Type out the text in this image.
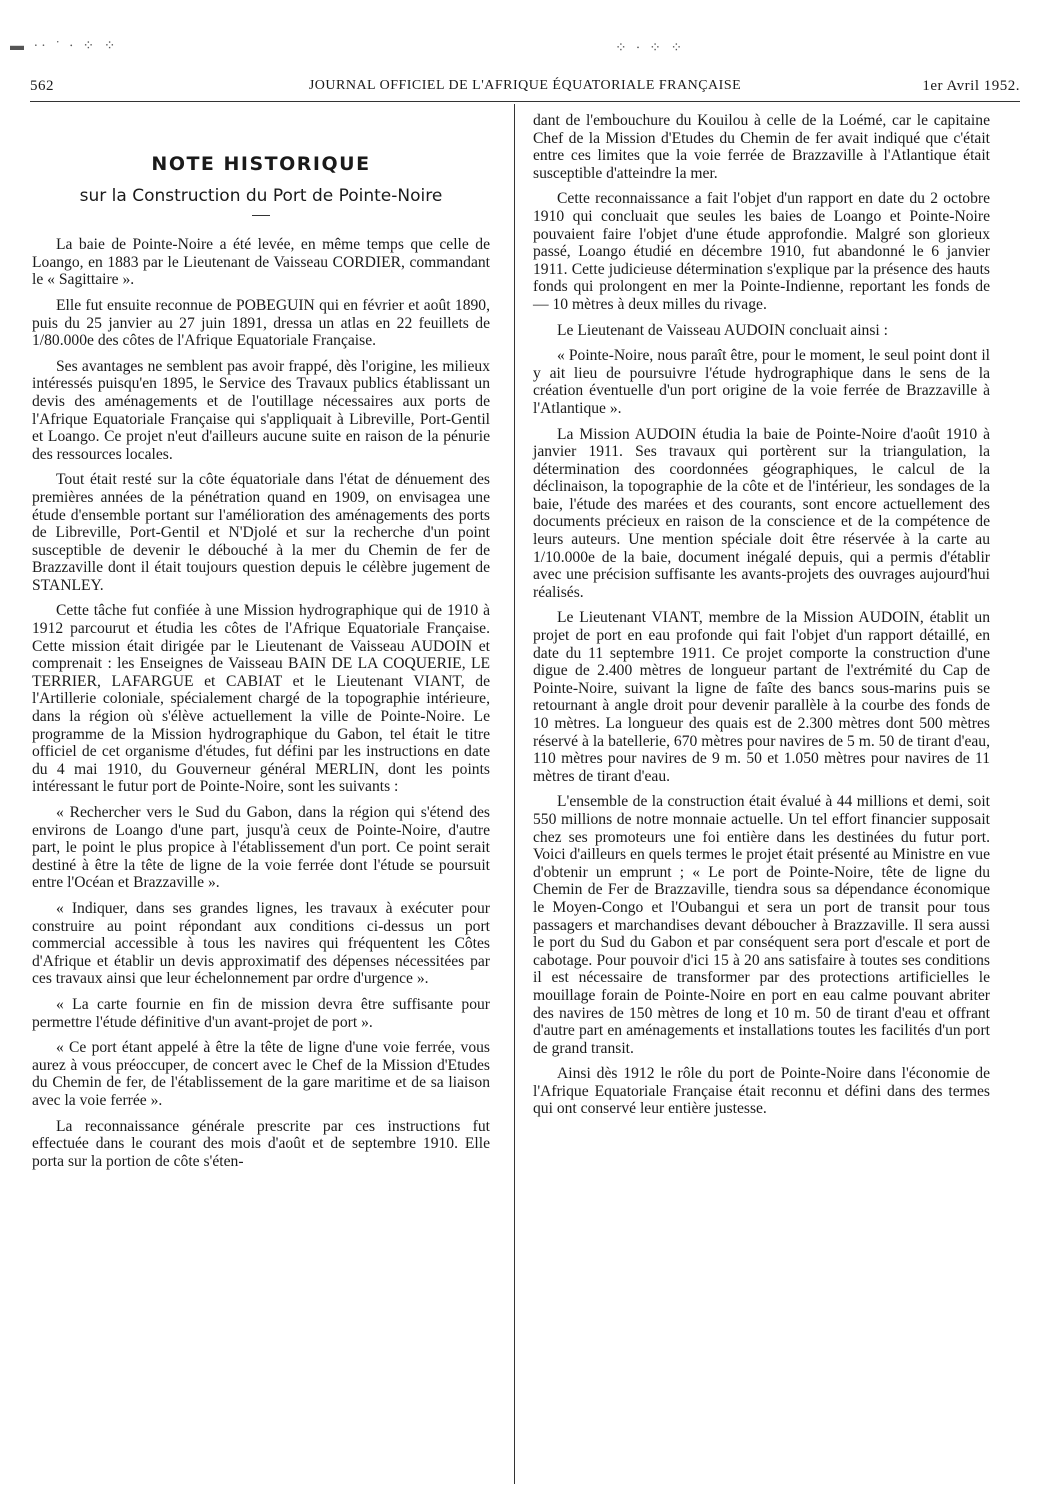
▬ ·· ˙ ∙ ⁘ ⁘	⁘ ∙ ⁘ ⁘
562	JOURNAL OFFICIEL DE L'AFRIQUE ÉQUATORIALE FRANÇAISE	1er Avril 1952.
NOTE HISTORIQUE
sur la Construction du Port de Pointe-Noire

La baie de Pointe-Noire a été levée, en même temps que celle de Loango, en 1883 par le Lieutenant de Vaisseau CORDIER, commandant le « Sagittaire ».

Elle fut ensuite reconnue de POBEGUIN qui en février et août 1890, puis du 25 janvier au 27 juin 1891, dressa un atlas en 22 feuillets de 1/80.000e des côtes de l'Afrique Equatoriale Française.

Ses avantages ne semblent pas avoir frappé, dès l'origine, les milieux intéressés puisqu'en 1895, le Service des Travaux publics établissant un devis des aménagements et de l'outillage nécessaires aux ports de l'Afrique Equatoriale Française qui s'appliquait à Libreville, Port-Gentil et Loango. Ce projet n'eut d'ailleurs aucune suite en raison de la pénurie des ressources locales.

Tout était resté sur la côte équatoriale dans l'état de dénuement des premières années de la pénétration quand en 1909, on envisagea une étude d'ensemble portant sur l'amélioration des aménagements des ports de Libreville, Port-Gentil et N'Djolé et sur la recherche d'un point susceptible de devenir le débouché à la mer du Chemin de fer de Brazzaville dont il était toujours question depuis le célèbre jugement de STANLEY.

Cette tâche fut confiée à une Mission hydrographique qui de 1910 à 1912 parcourut et étudia les côtes de l'Afrique Equatoriale Française. Cette mission était dirigée par le Lieutenant de Vaisseau AUDOIN et comprenait : les Enseignes de Vaisseau BAIN DE LA COQUERIE, LE TERRIER, LAFARGUE et CABIAT et le Lieutenant VIANT, de l'Artillerie coloniale, spécialement chargé de la topographie intérieure, dans la région où s'élève actuellement la ville de Pointe-Noire. Le programme de la Mission hydrographique du Gabon, tel était le titre officiel de cet organisme d'études, fut défini par les instructions en date du 4 mai 1910, du Gouverneur général MERLIN, dont les points intéressant le futur port de Pointe-Noire, sont les suivants :

« Rechercher vers le Sud du Gabon, dans la région qui s'étend des environs de Loango d'une part, jusqu'à ceux de Pointe-Noire, d'autre part, le point le plus propice à l'établissement d'un port. Ce point serait destiné à être la tête de ligne de la voie ferrée dont l'étude se poursuit entre l'Océan et Brazzaville ».

« Indiquer, dans ses grandes lignes, les travaux à exécuter pour construire au point répondant aux conditions ci-dessus un port commercial accessible à tous les navires qui fréquentent les Côtes d'Afrique et établir un devis approximatif des dépenses nécessitées par ces travaux ainsi que leur échelonnement par ordre d'urgence ».

« La carte fournie en fin de mission devra être suffisante pour permettre l'étude définitive d'un avant-projet de port ».

« Ce port étant appelé à être la tête de ligne d'une voie ferrée, vous aurez à vous préoccuper, de concert avec le Chef de la Mission d'Etudes du Chemin de fer, de l'établissement de la gare maritime et de sa liaison avec la voie ferrée ».

La reconnaissance générale prescrite par ces instructions fut effectuée dans le courant des mois d'août et de septembre 1910. Elle porta sur la portion de côte s'éten-

dant de l'embouchure du Kouilou à celle de la Loémé, car le capitaine Chef de la Mission d'Etudes du Chemin de fer avait indiqué que c'était entre ces limites que la voie ferrée de Brazzaville à l'Atlantique était susceptible d'atteindre la mer.

Cette reconnaissance a fait l'objet d'un rapport en date du 2 octobre 1910 qui concluait que seules les baies de Loango et Pointe-Noire pouvaient faire l'objet d'une étude approfondie. Malgré son glorieux passé, Loango étudié en décembre 1910, fut abandonné le 6 janvier 1911. Cette judicieuse détermination s'explique par la présence des hauts fonds qui prolongent en mer la Pointe-Indienne, reportant les fonds de — 10 mètres à deux milles du rivage.

Le Lieutenant de Vaisseau AUDOIN concluait ainsi :

« Pointe-Noire, nous paraît être, pour le moment, le seul point dont il y ait lieu de poursuivre l'étude hydrographique dans le sens de la création éventuelle d'un port origine de la voie ferrée de Brazzaville à l'Atlantique ».

La Mission AUDOIN étudia la baie de Pointe-Noire d'août 1910 à janvier 1911. Ses travaux qui portèrent sur la triangulation, la détermination des coordonnées géographiques, le calcul de la déclinaison, la topographie de la côte et de l'intérieur, les sondages de la baie, l'étude des marées et des courants, sont encore actuellement des documents précieux en raison de la conscience et de la compétence de leurs auteurs. Une mention spéciale doit être réservée à la carte au 1/10.000e de la baie, document inégalé depuis, qui a permis d'établir avec une précision suffisante les avants-projets des ouvrages aujourd'hui réalisés.

Le Lieutenant VIANT, membre de la Mission AUDOIN, établit un projet de port en eau profonde qui fait l'objet d'un rapport détaillé, en date du 11 septembre 1911. Ce projet comporte la construction d'une digue de 2.400 mètres de longueur partant de l'extrémité du Cap de Pointe-Noire, suivant la ligne de faîte des bancs sous-marins puis se retournant à angle droit pour devenir parallèle à la courbe des fonds de 10 mètres. La longueur des quais est de 2.300 mètres dont 500 mètres réservé à la batellerie, 670 mètres pour navires de 5 m. 50 de tirant d'eau, 110 mètres pour navires de 9 m. 50 et 1.050 mètres pour navires de 11 mètres de tirant d'eau.

L'ensemble de la construction était évalué à 44 millions et demi, soit 550 millions de notre monnaie actuelle. Un tel effort financier supposait chez ses promoteurs une foi entière dans les destinées du futur port. Voici d'ailleurs en quels termes le projet était présenté au Ministre en vue d'obtenir un emprunt ; « Le port de Pointe-Noire, tête de ligne du Chemin de Fer de Brazzaville, tiendra sous sa dépendance économique le Moyen-Congo et l'Oubangui et sera un port de transit pour tous passagers et marchandises devant déboucher à Brazzaville. Il sera aussi le port du Sud du Gabon et par conséquent sera port d'escale et port de cabotage. Pour pouvoir d'ici 15 à 20 ans satisfaire à toutes ses conditions il est nécessaire de transformer par des protections artificielles le mouillage forain de Pointe-Noire en port en eau calme pouvant abriter des navires de 150 mètres de long et 10 m. 50 de tirant d'eau et offrant d'autre part en aménagements et installations toutes les facilités d'un port de grand transit.

Ainsi dès 1912 le rôle du port de Pointe-Noire dans l'économie de l'Afrique Equatoriale Française était reconnu et défini dans des termes qui ont conservé leur entière justesse.
